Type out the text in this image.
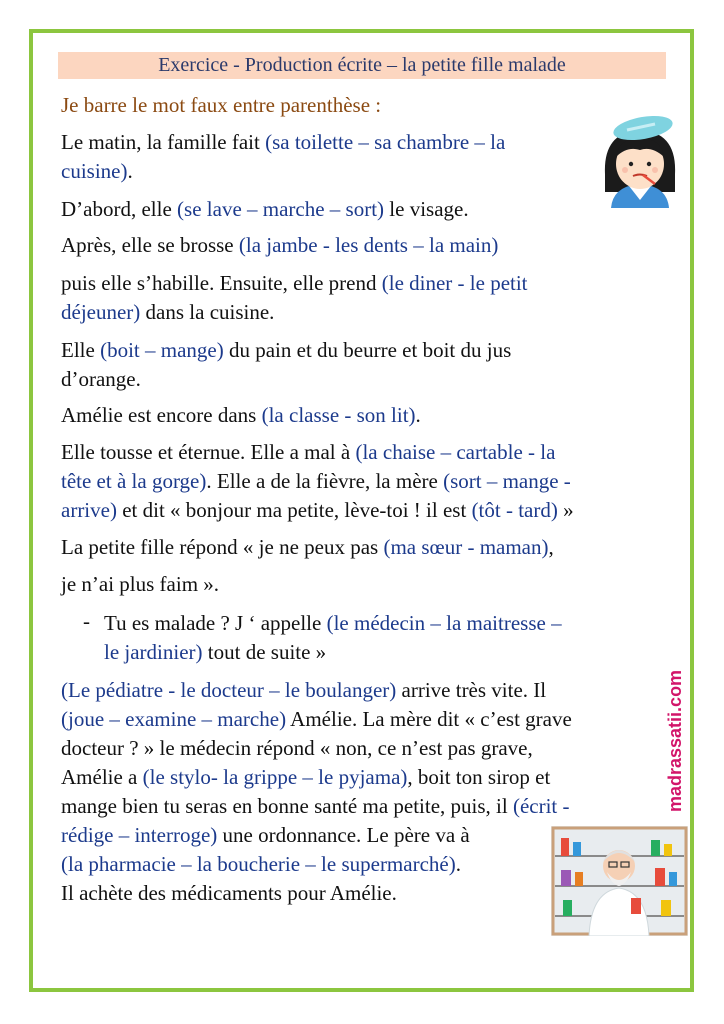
Exercice - Production écrite – la petite fille malade
Je barre le mot faux entre parenthèse :

Le matin, la famille fait (sa toilette – sa chambre – la
cuisine).

D’abord, elle (se lave – marche – sort) le visage.

Après, elle se brosse (la jambe - les dents – la main)

puis elle s’habille. Ensuite, elle prend (le diner - le petit
déjeuner) dans la cuisine.

Elle (boit – mange) du pain et du beurre et boit du jus
d’orange.

Amélie est encore dans (la classe - son lit).

Elle tousse et éternue. Elle a mal à (la chaise – cartable - la
tête et à la gorge). Elle a de la fièvre, la mère (sort – mange -
arrive) et dit « bonjour ma petite, lève-toi ! il est (tôt - tard) »

La petite fille répond « je ne peux pas (ma sœur - maman),

je n’ai plus faim ».

- Tu es malade ? J ‘ appelle (le médecin – la maitresse –
le jardinier) tout de suite »

(Le pédiatre - le docteur – le boulanger) arrive très vite. Il
(joue – examine – marche) Amélie. La mère dit « c’est grave
docteur ? » le médecin répond « non, ce n’est pas grave,
Amélie a (le stylo- la grippe – le pyjama), boit ton sirop et
mange bien tu seras en bonne santé ma petite, puis, il (écrit -
rédige – interroge) une ordonnance. Le père va à
(la pharmacie – la boucherie – le supermarché).
Il achète des médicaments pour Amélie.

madrassatii.com
